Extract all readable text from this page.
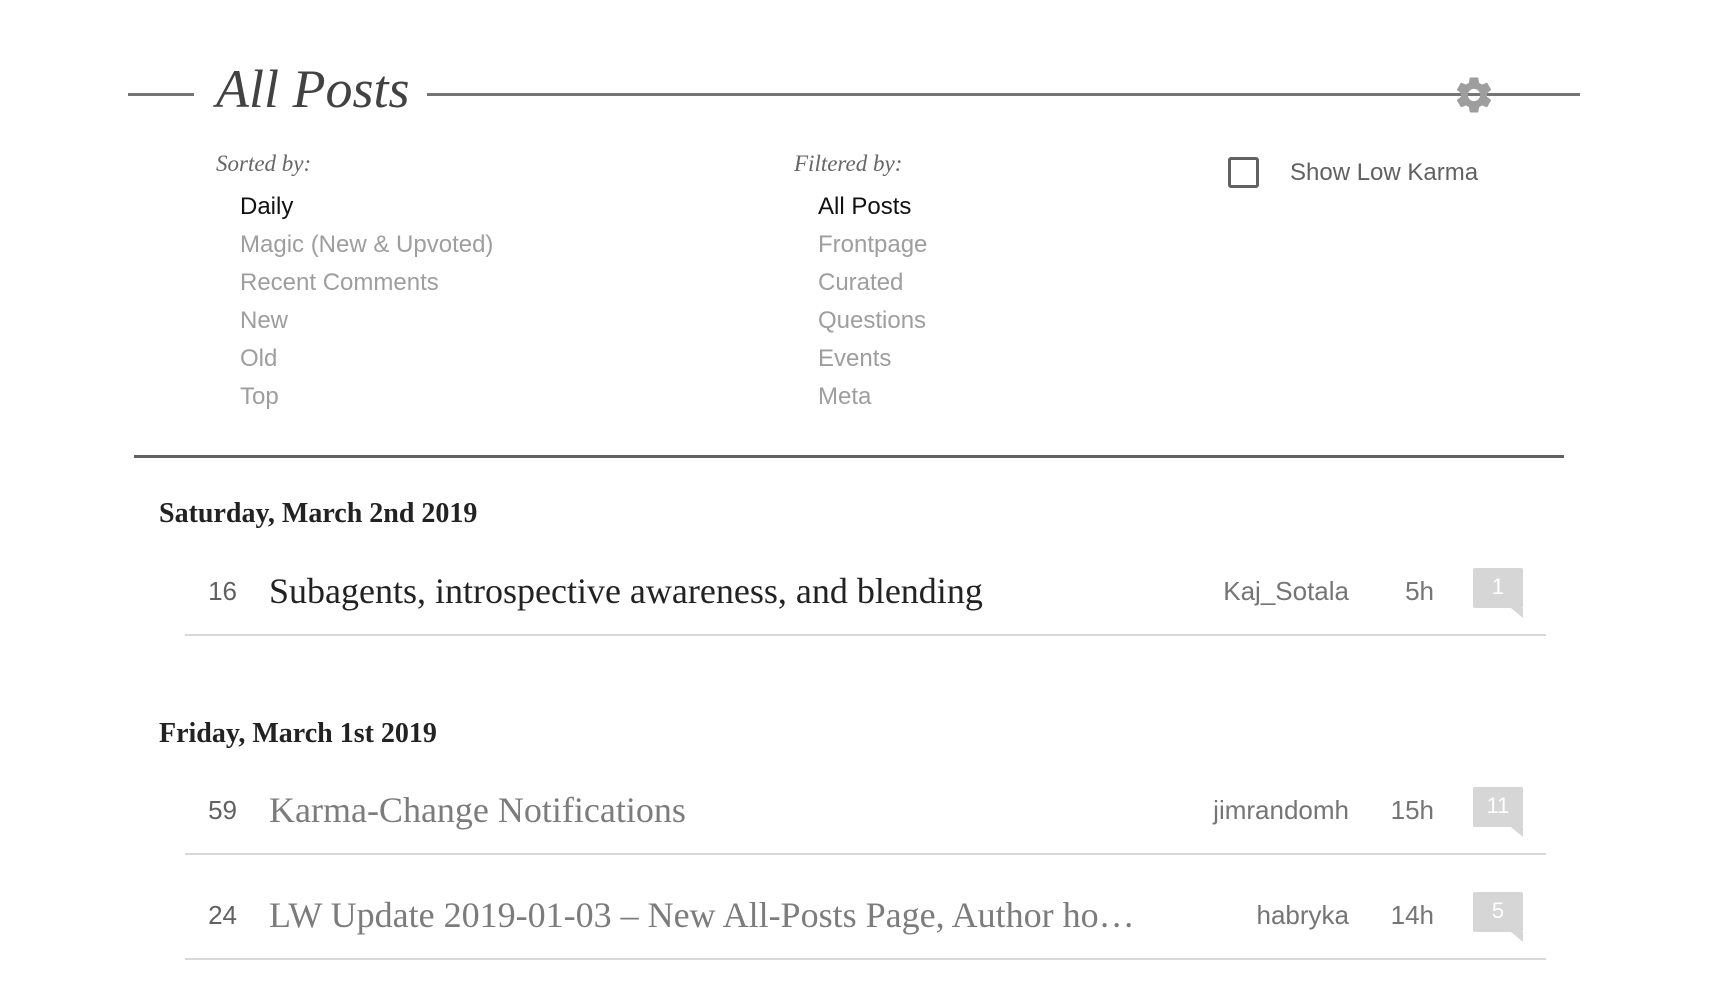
All Posts
Sorted by:
Daily
Magic (New & Upvoted)
Recent Comments
New
Old
Top
Filtered by:
All Posts
Frontpage
Curated
Questions
Events
Meta
Show Low Karma
Saturday, March 2nd 2019
16 Subagents, introspective awareness, and blending	Kaj_Sotala 5h	1
Friday, March 1st 2019
59 Karma-Change Notifications	jimrandomh 15h	11
24 LW Update 2019-01-03 – New All-Posts Page, Author ho…	habryka 14h	5
